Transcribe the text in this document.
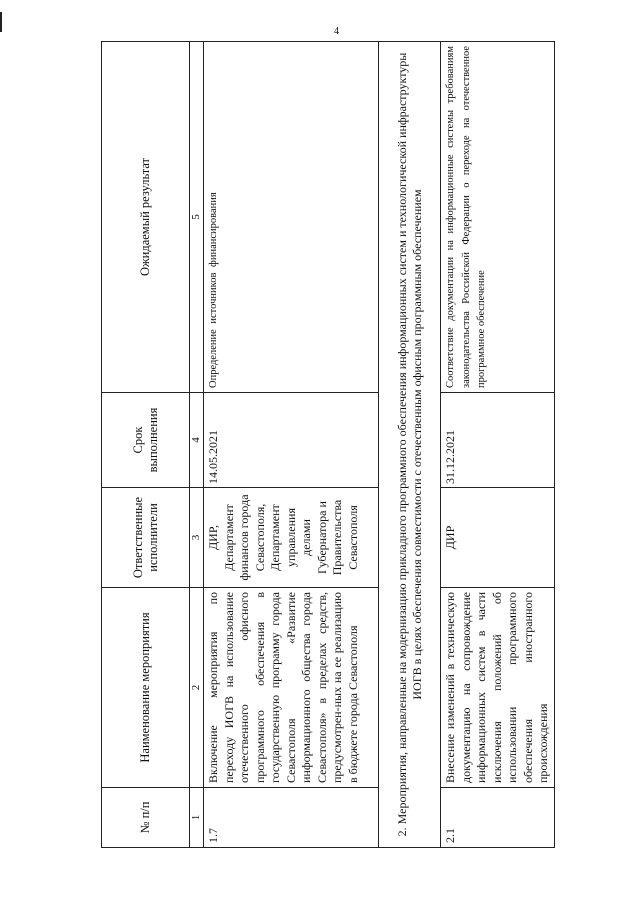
4
№ п/п	Наименование мероприятия	Ответственные исполнители	Срок выполнения	Ожидаемый результат
1	2	3	4	5
1.7	Включение мероприятия по переходу ИОГВ на использование отечественного офисного программного обеспечения в государственную программу города Севастополя «Развитие информационного общества города Севастополя» в пределах средств, предусмотрен-ных на ее реализацию в бюджете города Севастополя	ДИР, Департамент финансов города Севастополя, Департамент управления делами Губернатора и Правительства Севастополя	14.05.2021	Определение источников финансирования
2. Мероприятия, направленные на модернизацию прикладного программного обеспечения информационных систем и технологической инфраструктуры ИОГВ в целях обеспечения совместимости с отечественным офисным программным обеспечением				
2.1	Внесение изменений в техническую документацию на сопровождение информационных систем в части исключения положений об использовании программного обеспечения иностранного происхождения	ДИР	31.12.2021	Соответствие документации на информационные системы требованиям законодательства Российской Федерации о переходе на отечественное программное обеспечение
